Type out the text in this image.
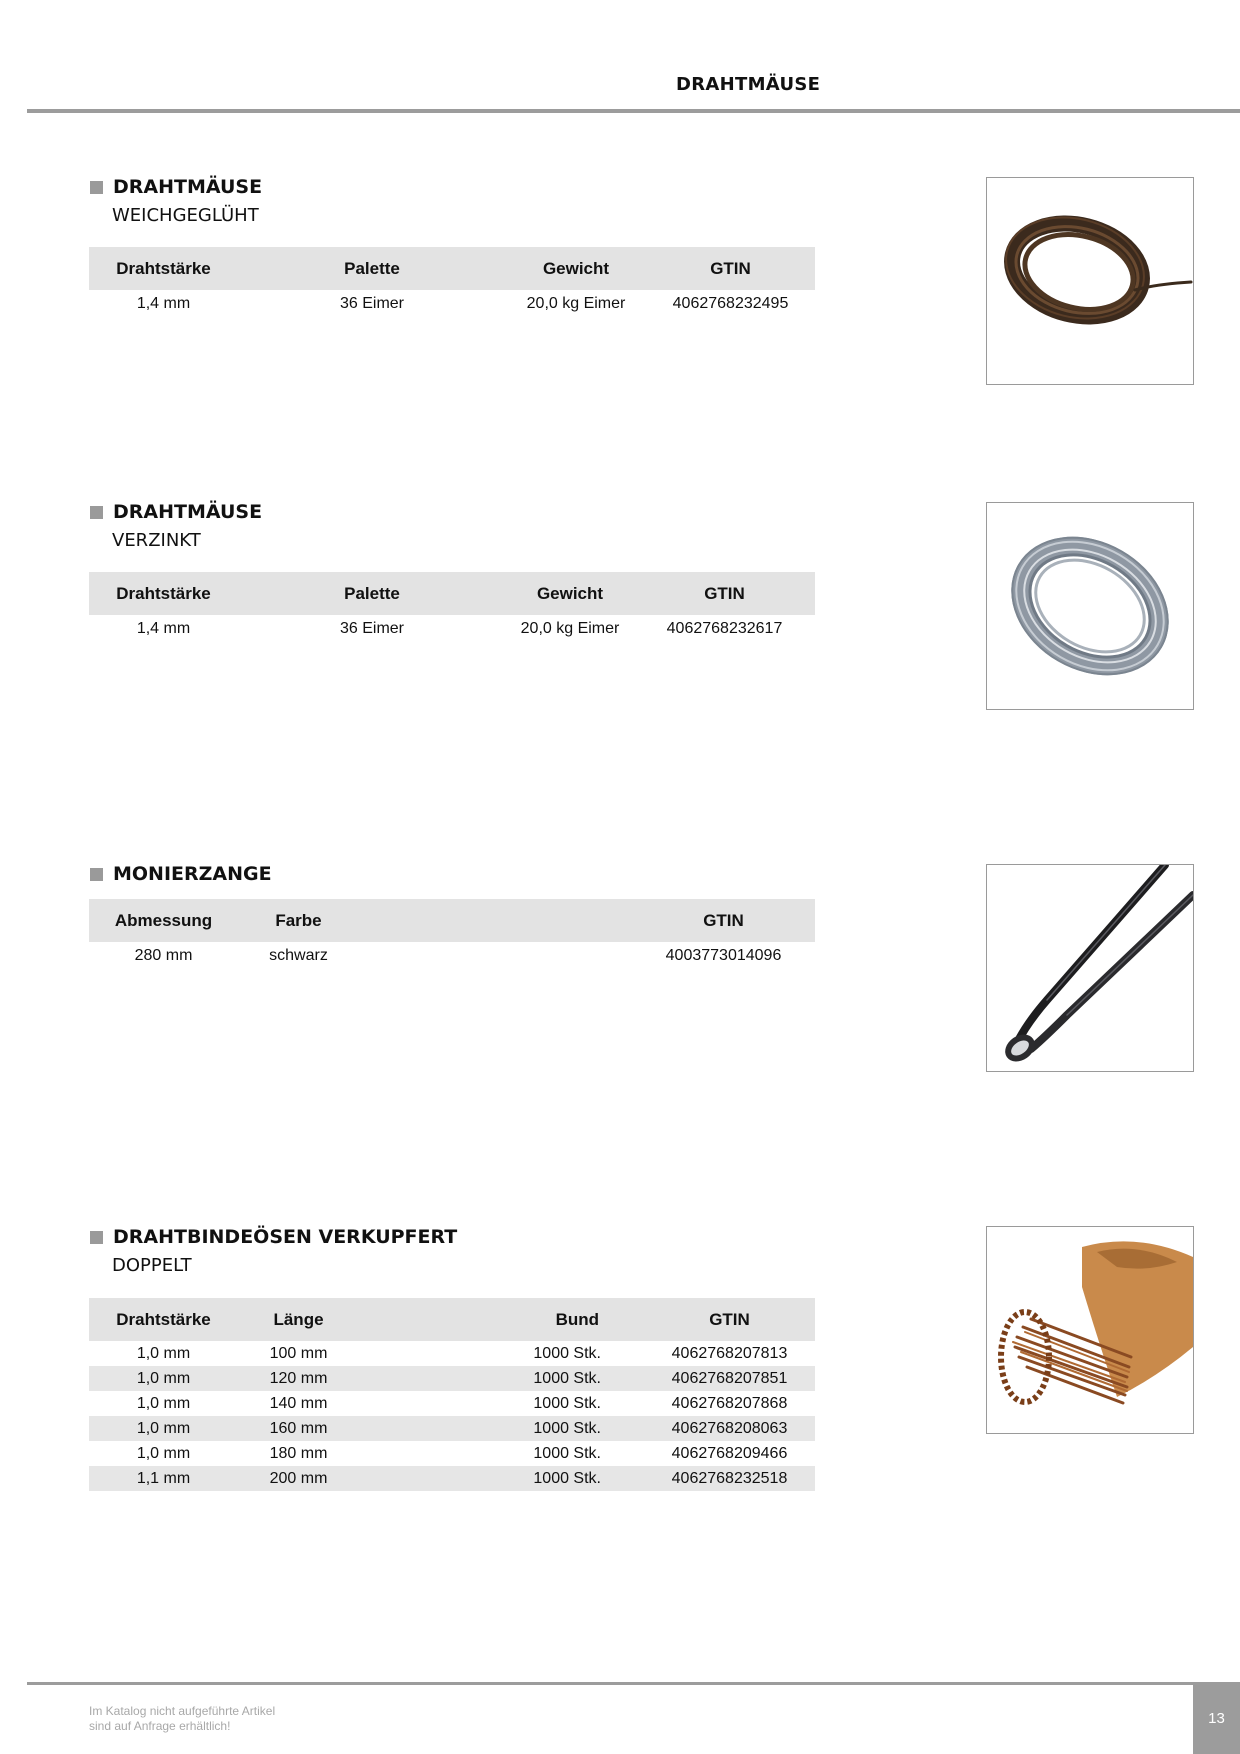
DRAHTMÄUSE
DRAHTMÄUSE
WEICHGEGLÜHT
Drahtstärke	Palette	Gewicht	GTIN
1,4 mm	36 Eimer	20,0 kg Eimer	4062768232495
DRAHTMÄUSE
VERZINKT
Drahtstärke	Palette	Gewicht	GTIN
1,4 mm	36 Eimer	20,0 kg Eimer	4062768232617
MONIERZANGE
Abmessung	Farbe		GTIN
280 mm	schwarz		4003773014096
DRAHTBINDEÖSEN VERKUPFERT
DOPPELT
Drahtstärke	Länge	Bund	GTIN
1,0 mm	100 mm	1000 Stk.	4062768207813
1,0 mm	120 mm	1000 Stk.	4062768207851
1,0 mm	140 mm	1000 Stk.	4062768207868
1,0 mm	160 mm	1000 Stk.	4062768208063
1,0 mm	180 mm	1000 Stk.	4062768209466
1,1 mm	200 mm	1000 Stk.	4062768232518
Im Katalog nicht aufgeführte Artikel
sind auf Anfrage erhältlich!	13
